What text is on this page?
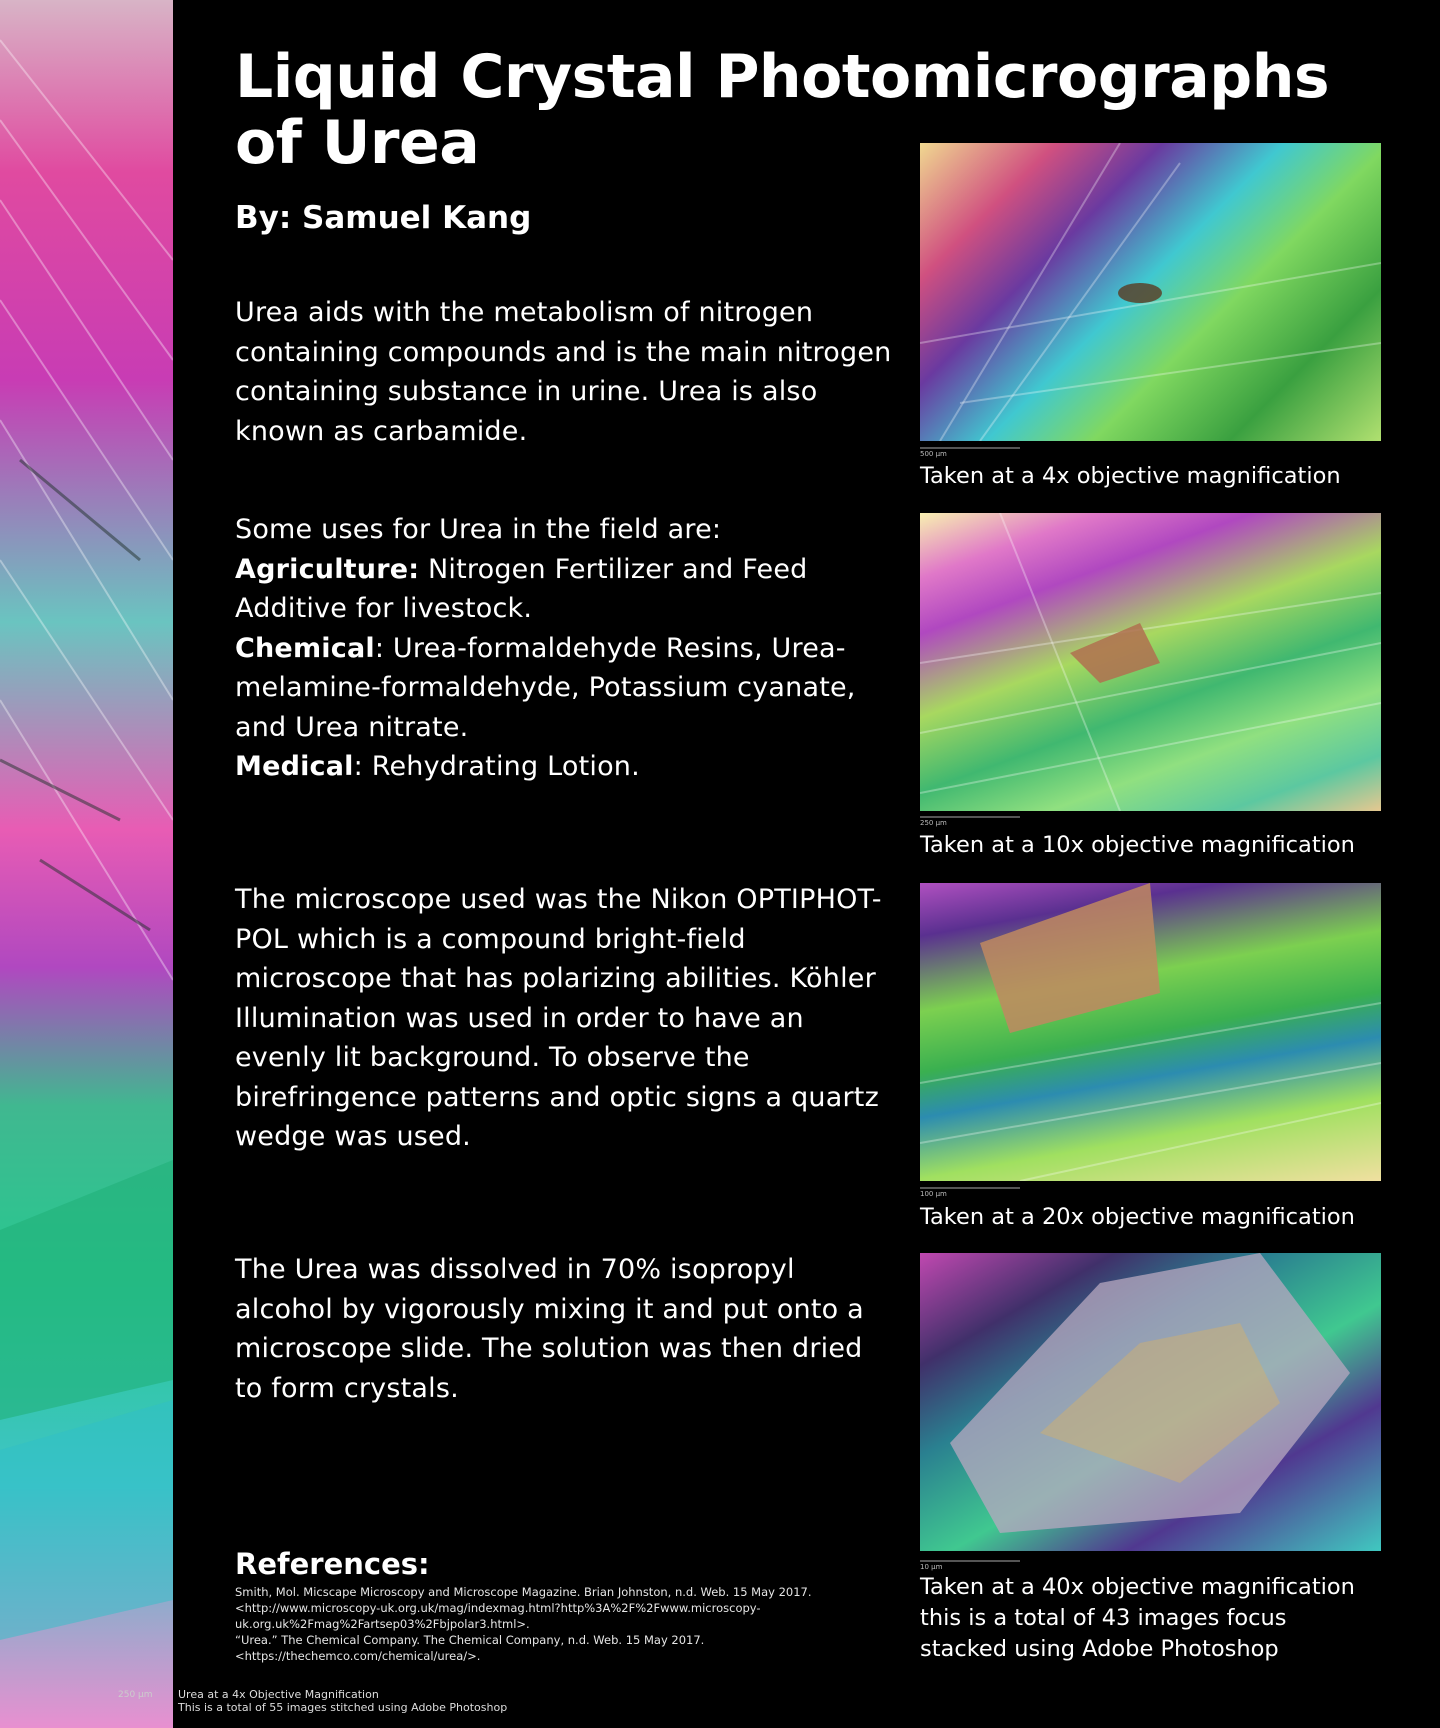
250 µm Urea at a 4x Objective Magnification
This is a total of 55 images stitched using Adobe Photoshop
Liquid Crystal Photomicrographs of Urea
By: Samuel Kang

Urea aids with the metabolism of nitrogen containing compounds and is the main nitrogen containing substance in urine. Urea is also known as carbamide.

Some uses for Urea in the field are:
Agriculture: Nitrogen Fertilizer and Feed Additive for livestock.
Chemical: Urea-formaldehyde Resins, Urea-melamine-formaldehyde, Potassium cyanate, and Urea nitrate.
Medical: Rehydrating Lotion.

The microscope used was the Nikon OPTIPHOT-POL which is a compound bright-field microscope that has polarizing abilities. Köhler Illumination was used in order to have an evenly lit background. To observe the birefringence patterns and optic signs a quartz wedge was used.

The Urea was dissolved in 70% isopropyl alcohol by vigorously mixing it and put onto a microscope slide. The solution was then dried to form crystals.

References:

Smith, Mol. Micscape Microscopy and Microscope Magazine. Brian Johnston, n.d. Web. 15 May 2017. <http://www.microscopy-uk.org.uk/mag/indexmag.html?http%3A%2F%2Fwww.microscopy-uk.org.uk%2Fmag%2Fartsep03%2Fbjpolar3.html>.

“Urea.” The Chemical Company. The Chemical Company, n.d. Web. 15 May 2017. <https://thechemco.com/chemical/urea/>.

500 µm

Taken at a 4x objective magnification

250 µm

Taken at a 10x objective magnification

100 µm

Taken at a 20x objective magnification

10 µm

Taken at a 40x objective magnification
this is a total of 43 images focus
stacked using Adobe Photoshop
